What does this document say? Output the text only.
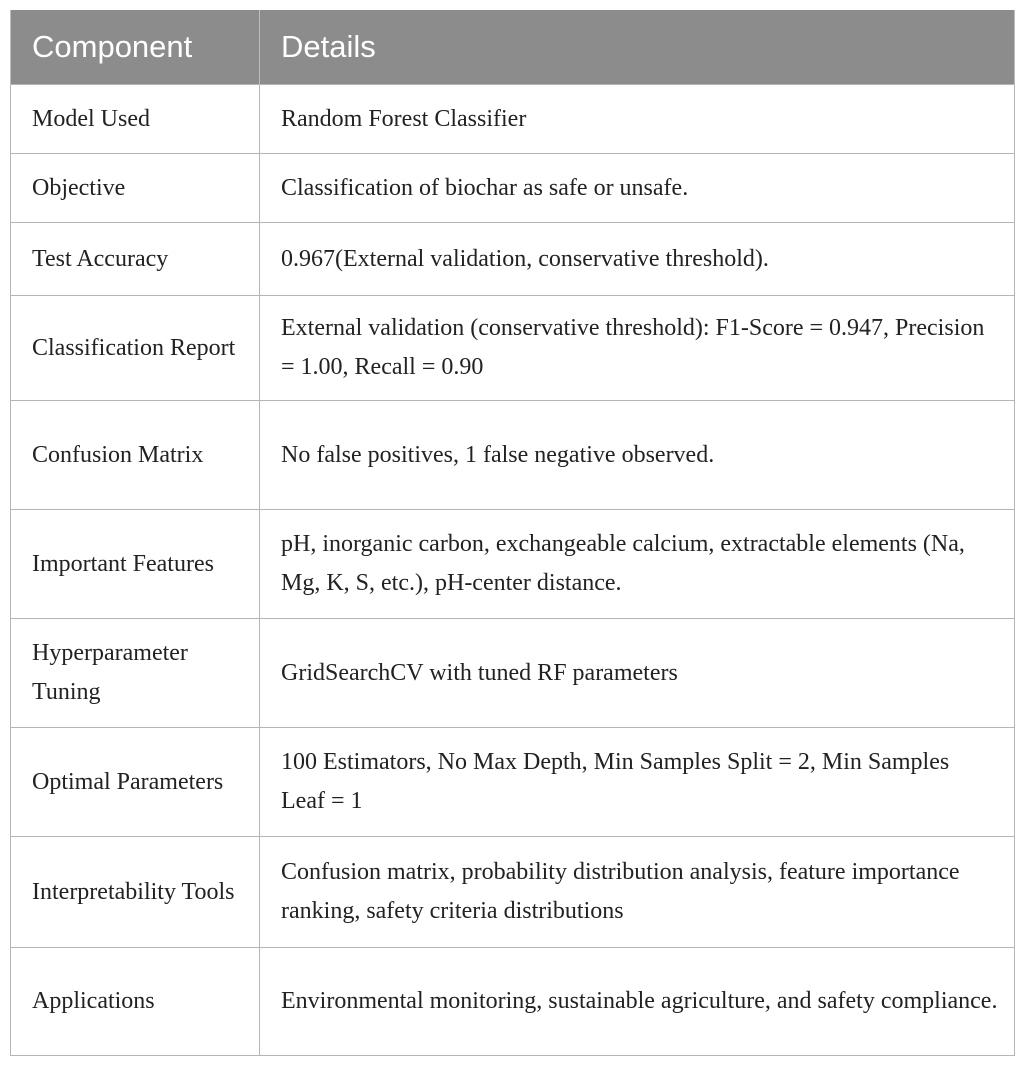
Component	Details
Model Used	Random Forest Classifier
Objective	Classification of biochar as safe or unsafe.
Test Accuracy	0.967(External validation, conservative threshold).
Classification Report	External validation (conservative threshold): F1-Score = 0.947, Precision = 1.00, Recall = 0.90
Confusion Matrix	No false positives, 1 false negative observed.
Important Features	pH, inorganic carbon, exchangeable calcium, extractable elements (Na, Mg, K, S, etc.), pH-center distance.
Hyperparameter Tuning	GridSearchCV with tuned RF parameters
Optimal Parameters	100 Estimators, No Max Depth, Min Samples Split = 2, Min Samples Leaf = 1
Interpretability Tools	Confusion matrix, probability distribution analysis, feature importance ranking, safety criteria distributions
Applications	Environmental monitoring, sustainable agriculture, and safety compliance.
